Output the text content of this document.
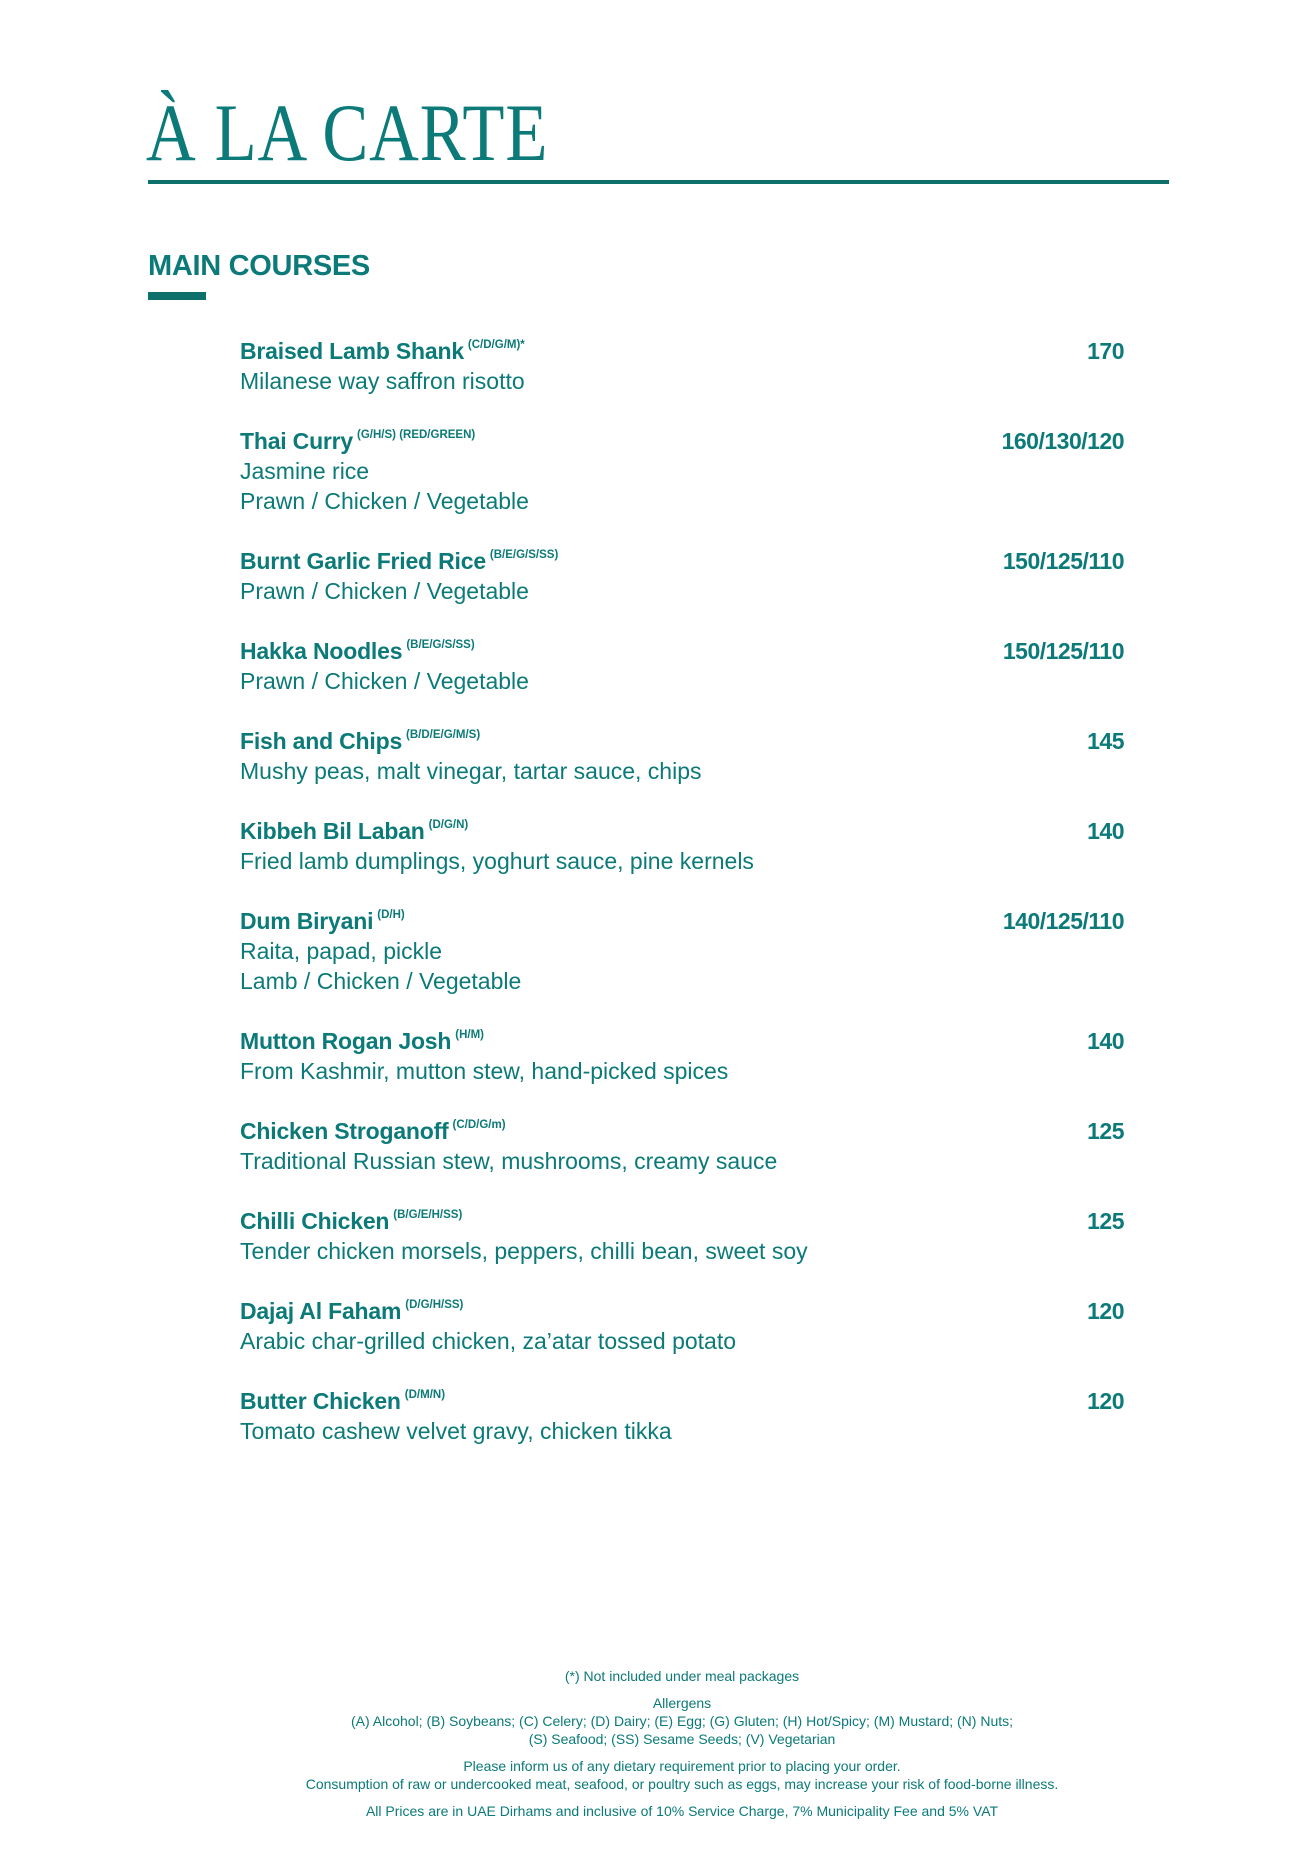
À LA CARTE
MAIN COURSES
Braised Lamb Shank $^{(C/D/G/M)*}$	170
Milanese way saffron risotto
Thai Curry $^{(G/H/S) (RED/GREEN)}$	160/130/120
Jasmine rice
Prawn / Chicken / Vegetable
Burnt Garlic Fried Rice $^{(B/E/G/S/SS)}$	150/125/110
Prawn / Chicken / Vegetable
Hakka Noodles $^{(B/E/G/S/SS)}$	150/125/110
Prawn / Chicken / Vegetable
Fish and Chips $^{(B/D/E/G/M/S)}$	145
Mushy peas, malt vinegar, tartar sauce, chips
Kibbeh Bil Laban $^{(D/G/N)}$	140
Fried lamb dumplings, yoghurt sauce, pine kernels
Dum Biryani $^{(D/H)}$	140/125/110
Raita, papad, pickle
Lamb / Chicken / Vegetable
Mutton Rogan Josh $^{(H/M)}$	140
From Kashmir, mutton stew, hand-picked spices
Chicken Stroganoff $^{(C/D/G/m)}$	125
Traditional Russian stew, mushrooms, creamy sauce
Chilli Chicken $^{(B/G/E/H/SS)}$	125
Tender chicken morsels, peppers, chilli bean, sweet soy
Dajaj Al Faham $^{(D/G/H/SS)}$	120
Arabic char-grilled chicken, za’atar tossed potato
Butter Chicken $^{(D/M/N)}$	120
Tomato cashew velvet gravy, chicken tikka

(*) Not included under meal packages

Allergens

(A) Alcohol; (B) Soybeans; (C) Celery; (D) Dairy; (E) Egg; (G) Gluten; (H) Hot/Spicy; (M) Mustard; (N) Nuts;

(S) Seafood; (SS) Sesame Seeds; (V) Vegetarian

Please inform us of any dietary requirement prior to placing your order.

Consumption of raw or undercooked meat, seafood, or poultry such as eggs, may increase your risk of food-borne illness.

All Prices are in UAE Dirhams and inclusive of 10% Service Charge, 7% Municipality Fee and 5% VAT
